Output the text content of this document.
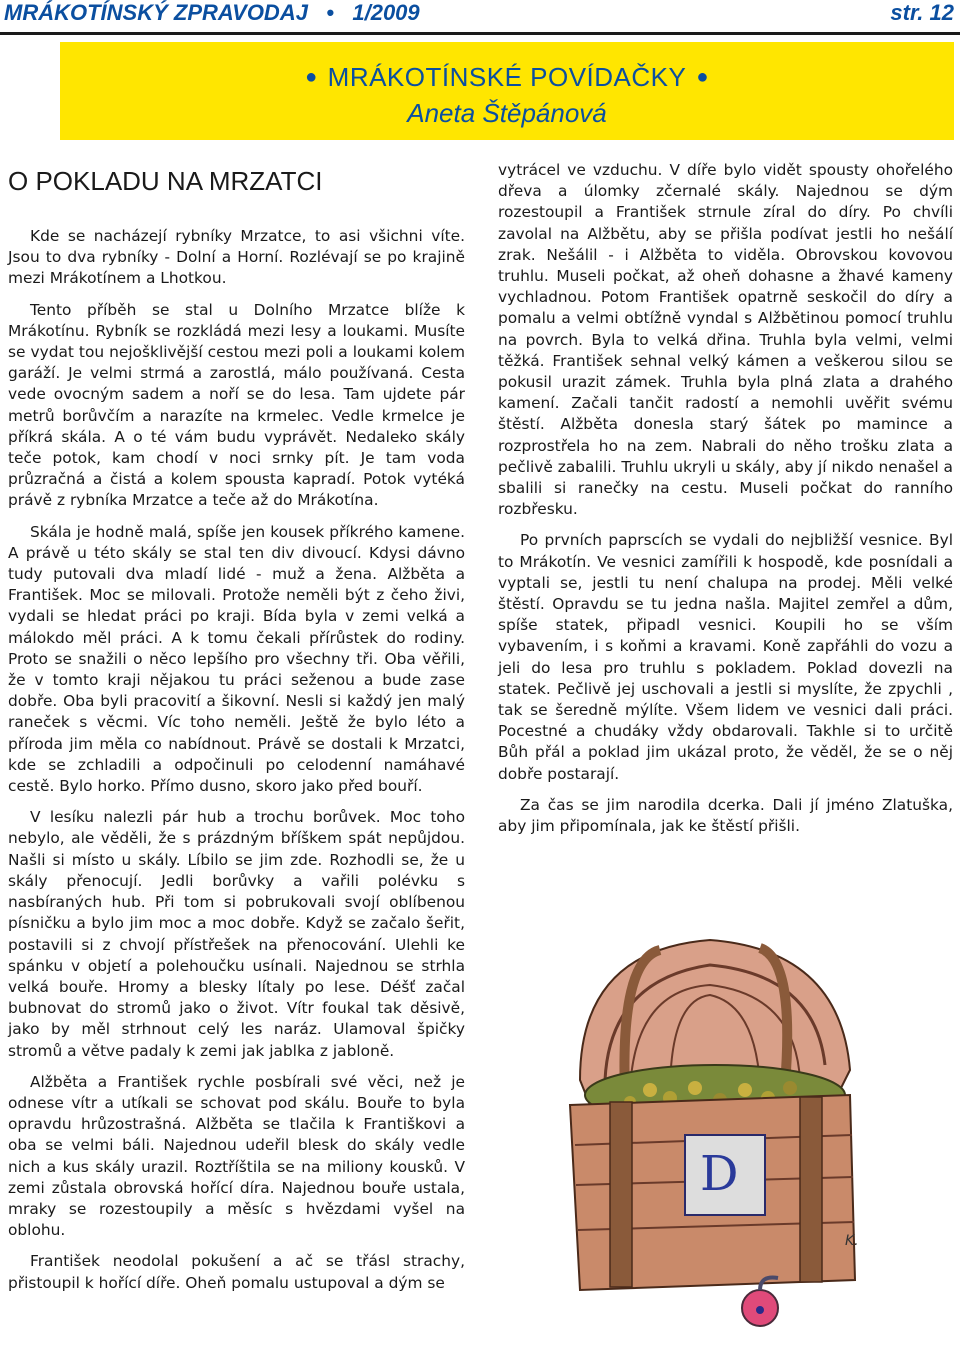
MRÁKOTÍNSKÝ ZPRAVODAJ   •   1/2009	str. 12
● MRÁKOTÍNSKÉ POVÍDAČKY ●
Aneta Štěpánová
O POKLADU NA MRZATCI

Kde se nacházejí rybníky Mrzatce, to asi všichni víte. Jsou to dva rybníky - Dolní a Horní. Rozlévají se po krajině mezi Mrákotínem a Lhotkou.

Tento příběh se stal u Dolního Mrzatce blíže k Mrákotínu. Rybník se rozkládá mezi lesy a loukami. Musíte se vydat tou nejošklivější cestou mezi poli a loukami kolem garáží. Je velmi strmá a zarostlá, málo používaná. Cesta vede ovocným sadem a noří se do lesa. Tam ujdete pár metrů borůvčím a narazíte na krmelec. Vedle krmelce je příkrá skála. A o té vám budu vyprávět. Nedaleko skály teče potok, kam chodí v noci srnky pít. Je tam voda průzračná a čistá a kolem spousta kapradí. Potok vytéká právě z rybníka Mrzatce a teče až do Mrákotína.

Skála je hodně malá, spíše jen kousek příkrého kamene. A právě u této skály se stal ten div divoucí. Kdysi dávno tudy putovali dva mladí lidé - muž a žena. Alžběta a František. Moc se milovali. Protože neměli být z čeho živi, vydali se hledat práci po kraji. Bída byla v zemi velká a málokdo měl práci. A k tomu čekali přírůstek do rodiny. Proto se snažili o něco lepšího pro všechny tři. Oba věřili, že v tomto kraji nějakou tu práci seženou a bude zase dobře. Oba byli pracovití a šikovní. Nesli si každý jen malý raneček s věcmi. Víc toho neměli. Ještě že bylo léto a příroda jim měla co nabídnout. Právě se dostali k Mrzatci, kde se zchladili a odpočinuli po celodenní namáhavé cestě. Bylo horko. Přímo dusno, skoro jako před bouří.

V lesíku nalezli pár hub a trochu borůvek. Moc toho nebylo, ale věděli, že s prázdným bříškem spát nepůjdou. Našli si místo u skály. Líbilo se jim zde. Rozhodli se, že u skály přenocují. Jedli borůvky a vařili polévku s nasbíraných hub. Při tom si pobrukovali svojí oblíbenou písničku a bylo jim moc a moc dobře. Když se začalo šeřit, postavili si z chvojí přístřešek na přenocování. Ulehli ke spánku v objetí a polehoučku usínali. Najednou se strhla velká bouře. Hromy a blesky lítaly po lese. Déšť začal bubnovat do stromů jako o život. Vítr foukal tak děsivě, jako by měl strhnout celý les naráz. Ulamoval špičky stromů a větve padaly k zemi jak jablka z jabloně.

Alžběta a František rychle posbírali své věci, než je odnese vítr a utíkali se schovat pod skálu. Bouře to byla opravdu hrůzostrašná. Alžběta se tlačila k Františkovi a oba se velmi báli. Najednou udeřil blesk do skály vedle nich a kus skály urazil. Roztříštila se na miliony kousků. V zemi zůstala obrovská hořící díra. Najednou bouře ustala, mraky se rozestoupily a měsíc s hvězdami vyšel na oblohu.

František neodolal pokušení a ač se třásl strachy, přistoupil k hořící díře. Oheň pomalu ustupoval a dým se

vytrácel ve vzduchu. V díře bylo vidět spousty ohořelého dřeva a úlomky zčernalé skály. Najednou se dým rozestoupil a František strnule zíral do díry. Po chvíli zavolal na Alžbětu, aby se přišla podívat jestli ho nešálí zrak. Nešálil - i Alžběta to viděla. Obrovskou kovovou truhlu. Museli počkat, až oheň dohasne a žhavé kameny vychladnou. Potom František opatrně seskočil do díry a pomalu a velmi obtížně vyndal s Alžbětinou pomocí truhlu na povrch. Byla to velká dřina. Truhla byla velmi, velmi těžká. František sehnal velký kámen a veškerou silou se pokusil urazit zámek. Truhla byla plná zlata a drahého kamení. Začali tančit radostí a nemohli uvěřit svému štěstí. Alžběta donesla starý šátek po mamince a rozprostřela ho na zem. Nabrali do něho trošku zlata a pečlivě zabalili. Truhlu ukryli u skály, aby jí nikdo nenašel a sbalili si ranečky na cestu. Museli počkat do ranního rozbřesku.

Po prvních paprscích se vydali do nejbližší vesnice. Byl to Mrákotín. Ve vesnici zamířili k hospodě, kde posnídali a vyptali se, jestli tu není chalupa na prodej. Měli velké štěstí. Opravdu se tu jedna našla. Majitel zemřel a dům, spíše statek, připadl vesnici. Koupili ho se vším vybavením, i s koňmi a kravami. Koně zapřáhli do vozu a jeli do lesa pro truhlu s pokladem. Poklad dovezli na statek. Pečlivě jej uschovali a jestli si myslíte, že zpychli , tak se šeredně mýlíte. Všem lidem ve vesnici dali práci. Pocestné a chudáky vždy obdarovali. Takhle si to určitě Bůh přál a poklad jim ukázal proto, že věděl, že se o něj dobře postarají.

Za čas se jim narodila dcerka. Dali jí jméno Zlatuška, aby jim připomínala, jak ke štěstí přišli.

D
K.
